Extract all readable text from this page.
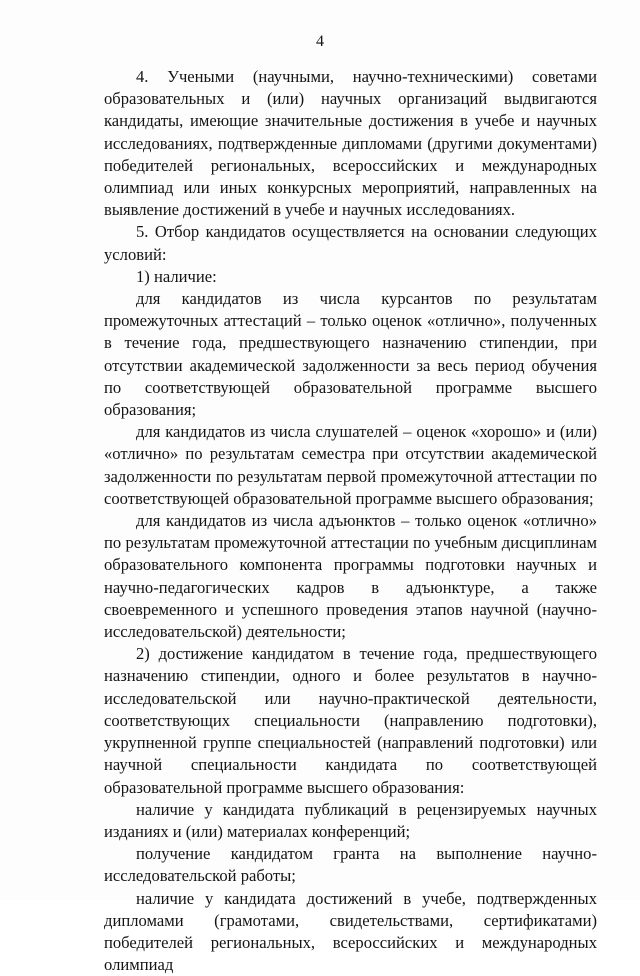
4

4. Учеными (научными, научно-техническими) советами образовательных и (или) научных организаций выдвигаются кандидаты, имеющие значительные достижения в учебе и научных исследованиях, подтвержденные дипломами (другими документами) победителей региональных, всероссийских и международных олимпиад или иных конкурсных мероприятий, направленных на выявление достижений в учебе и научных исследованиях.

5. Отбор кандидатов осуществляется на основании следующих условий:

1) наличие:

для кандидатов из числа курсантов по результатам промежуточных аттестаций – только оценок «отлично», полученных в течение года, предшествующего назначению стипендии, при отсутствии академической задолженности за весь период обучения по соответствующей образовательной программе высшего образования;

для кандидатов из числа слушателей – оценок «хорошо» и (или) «отлично» по результатам семестра при отсутствии академической задолженности по результатам первой промежуточной аттестации по соответствующей образовательной программе высшего образования;

для кандидатов из числа адъюнктов – только оценок «отлично» по результатам промежуточной аттестации по учебным дисциплинам образовательного компонента программы подготовки научных и научно-педагогических кадров в адъюнктуре, а также своевременного и успешного проведения этапов научной (научно-исследовательской) деятельности;

2) достижение кандидатом в течение года, предшествующего назначению стипендии, одного и более результатов в научно-исследовательской или научно-практической деятельности, соответствующих специальности (направлению подготовки), укрупненной группе специальностей (направлений подготовки) или научной специальности кандидата по соответствующей образовательной программе высшего образования:

наличие у кандидата публикаций в рецензируемых научных изданиях и (или) материалах конференций;

получение кандидатом гранта на выполнение научно-исследовательской работы;

наличие у кандидата достижений в учебе, подтвержденных дипломами (грамотами, свидетельствами, сертификатами) победителей региональных, всероссийских и международных олимпиад
